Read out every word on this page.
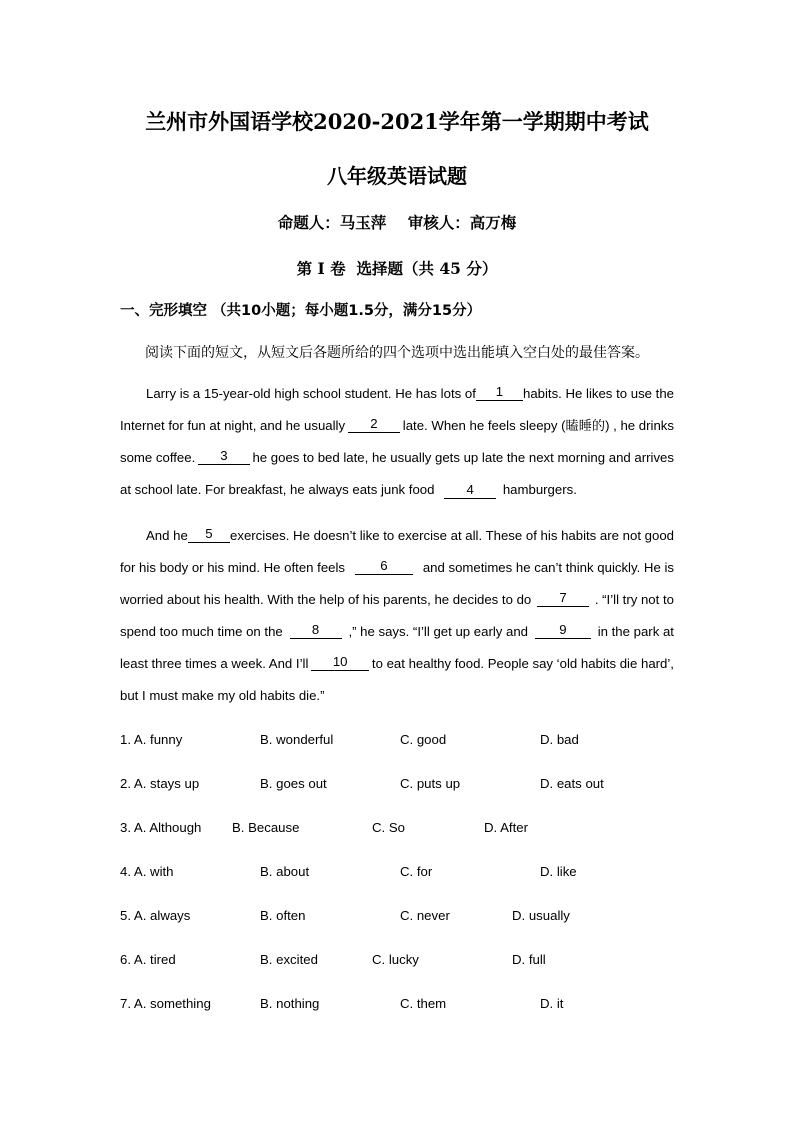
兰州市外国语学校2020-2021学年第一学期期中考试
八年级英语试题
命题人：马玉萍    审核人：高万梅
第 I 卷  选择题（共 45 分）
一、完形填空 （共10小题；每小题1.5分，满分15分）
阅读下面的短文，从短文后各题所给的四个选项中选出能填入空白处的最佳答案。
Larry is a 15-year-old high school student. He has lots of	1	habits. He likes to use the
Internet for fun at night, and he usually	2	late. When he feels sleepy (瞌睡的) , he drinks
some coffee.	3	he goes to bed late, he usually gets up late the next morning and arrives
at school late. For breakfast, he always eats junk food 4 hamburgers.
And he	5	exercises. He doesn’t like to exercise at all. These of his habits are not good
for his body or his mind. He often feels	6	and sometimes he can’t think quickly. He is
worried about his health. With the help of his parents, he decides to do	7	. “I’ll try not to
spend too much time on the	8	,” he says. “I’ll get up early and	9	in the park at
least three times a week. And I’ll	10	to eat healthy food. People say ‘old habits die hard’,
but I must make my old habits die.”
1. A. funny	B. wonderful	C. good	D. bad
2. A. stays up	B. goes out	C. puts up	D. eats out
3. A. Although B. Because	C. So	D. After
4. A. with	B. about	C. for	D. like
5. A. always	B. often	C. never	D. usually
6. A. tired	B. excited	C. lucky	D. full
7. A. something	B. nothing	C. them	D. it
